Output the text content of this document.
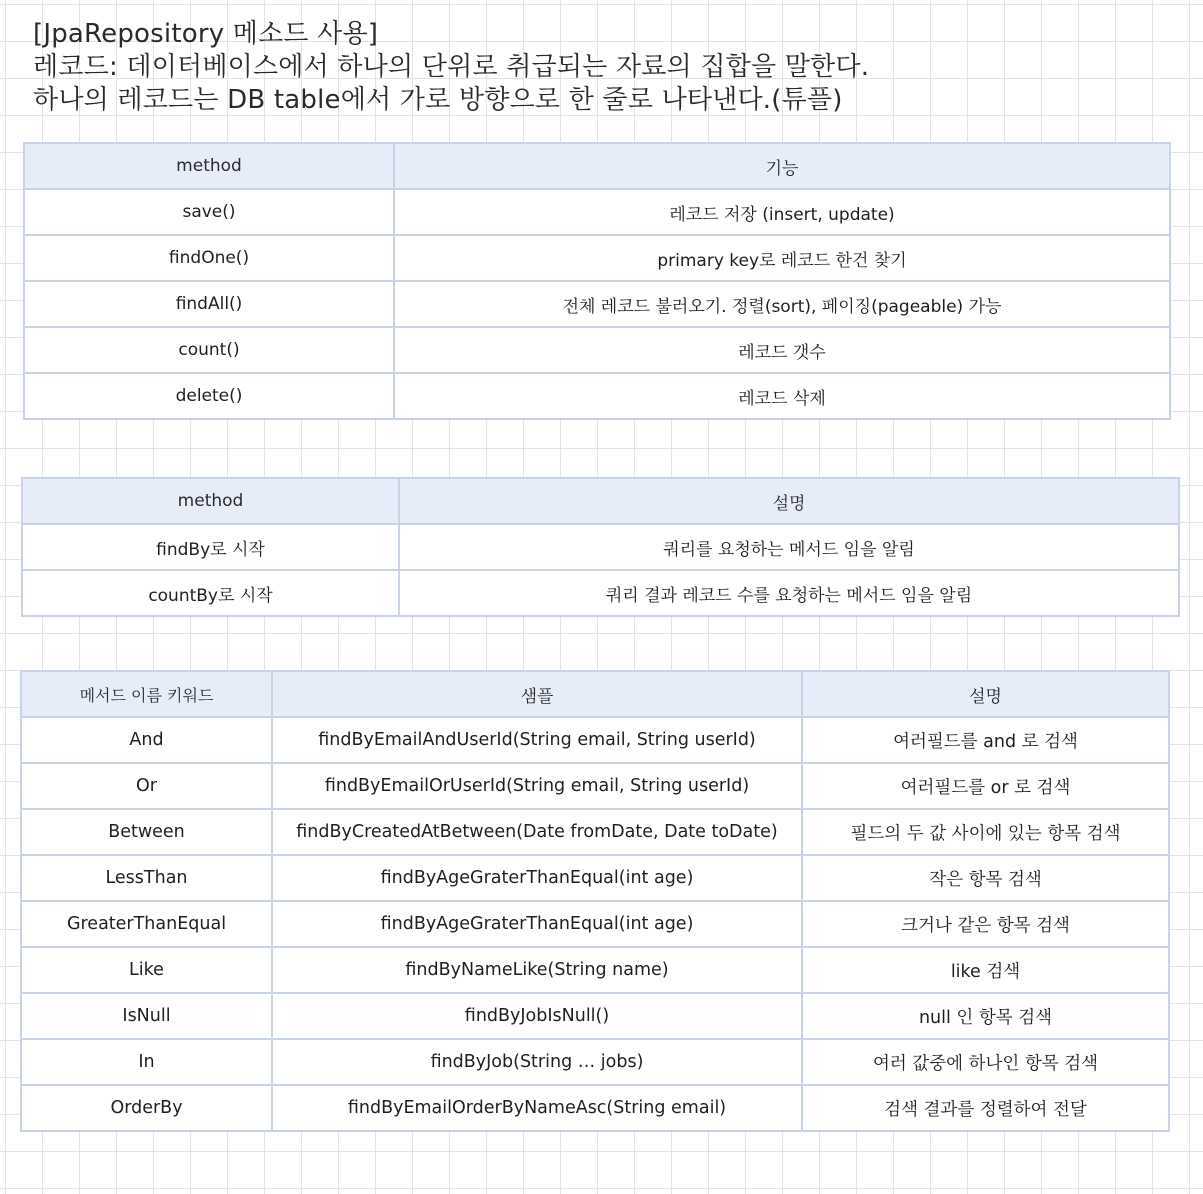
[JpaRepository 메소드 사용]
레코드: 데이터베이스에서 하나의 단위로 취급되는 자료의 집합을 말한다.
하나의 레코드는 DB table에서 가로 방향으로 한 줄로 나타낸다.(튜플)
method	기능
save()	레코드 저장 (insert, update)
findOne()	primary key로 레코드 한건 찾기
findAll()	전체 레코드 불러오기. 정렬(sort), 페이징(pageable) 가능
count()	레코드 갯수
delete()	레코드 삭제
method	설명
findBy로 시작	쿼리를 요청하는 메서드 임을 알림
countBy로 시작	쿼리 결과 레코드 수를 요청하는 메서드 임을 알림
메서드 이름 키워드	샘플	설명
And	findByEmailAndUserId(String email, String userId)	여러필드를 and 로 검색
Or	findByEmailOrUserId(String email, String userId)	여러필드를 or 로 검색
Between	findByCreatedAtBetween(Date fromDate, Date toDate)	필드의 두 값 사이에 있는 항목 검색
LessThan	findByAgeGraterThanEqual(int age)	작은 항목 검색
GreaterThanEqual	findByAgeGraterThanEqual(int age)	크거나 같은 항목 검색
Like	findByNameLike(String name)	like 검색
IsNull	findByJobIsNull()	null 인 항목 검색
In	findByJob(String … jobs)	여러 값중에 하나인 항목 검색
OrderBy	findByEmailOrderByNameAsc(String email)	검색 결과를 정렬하여 전달
